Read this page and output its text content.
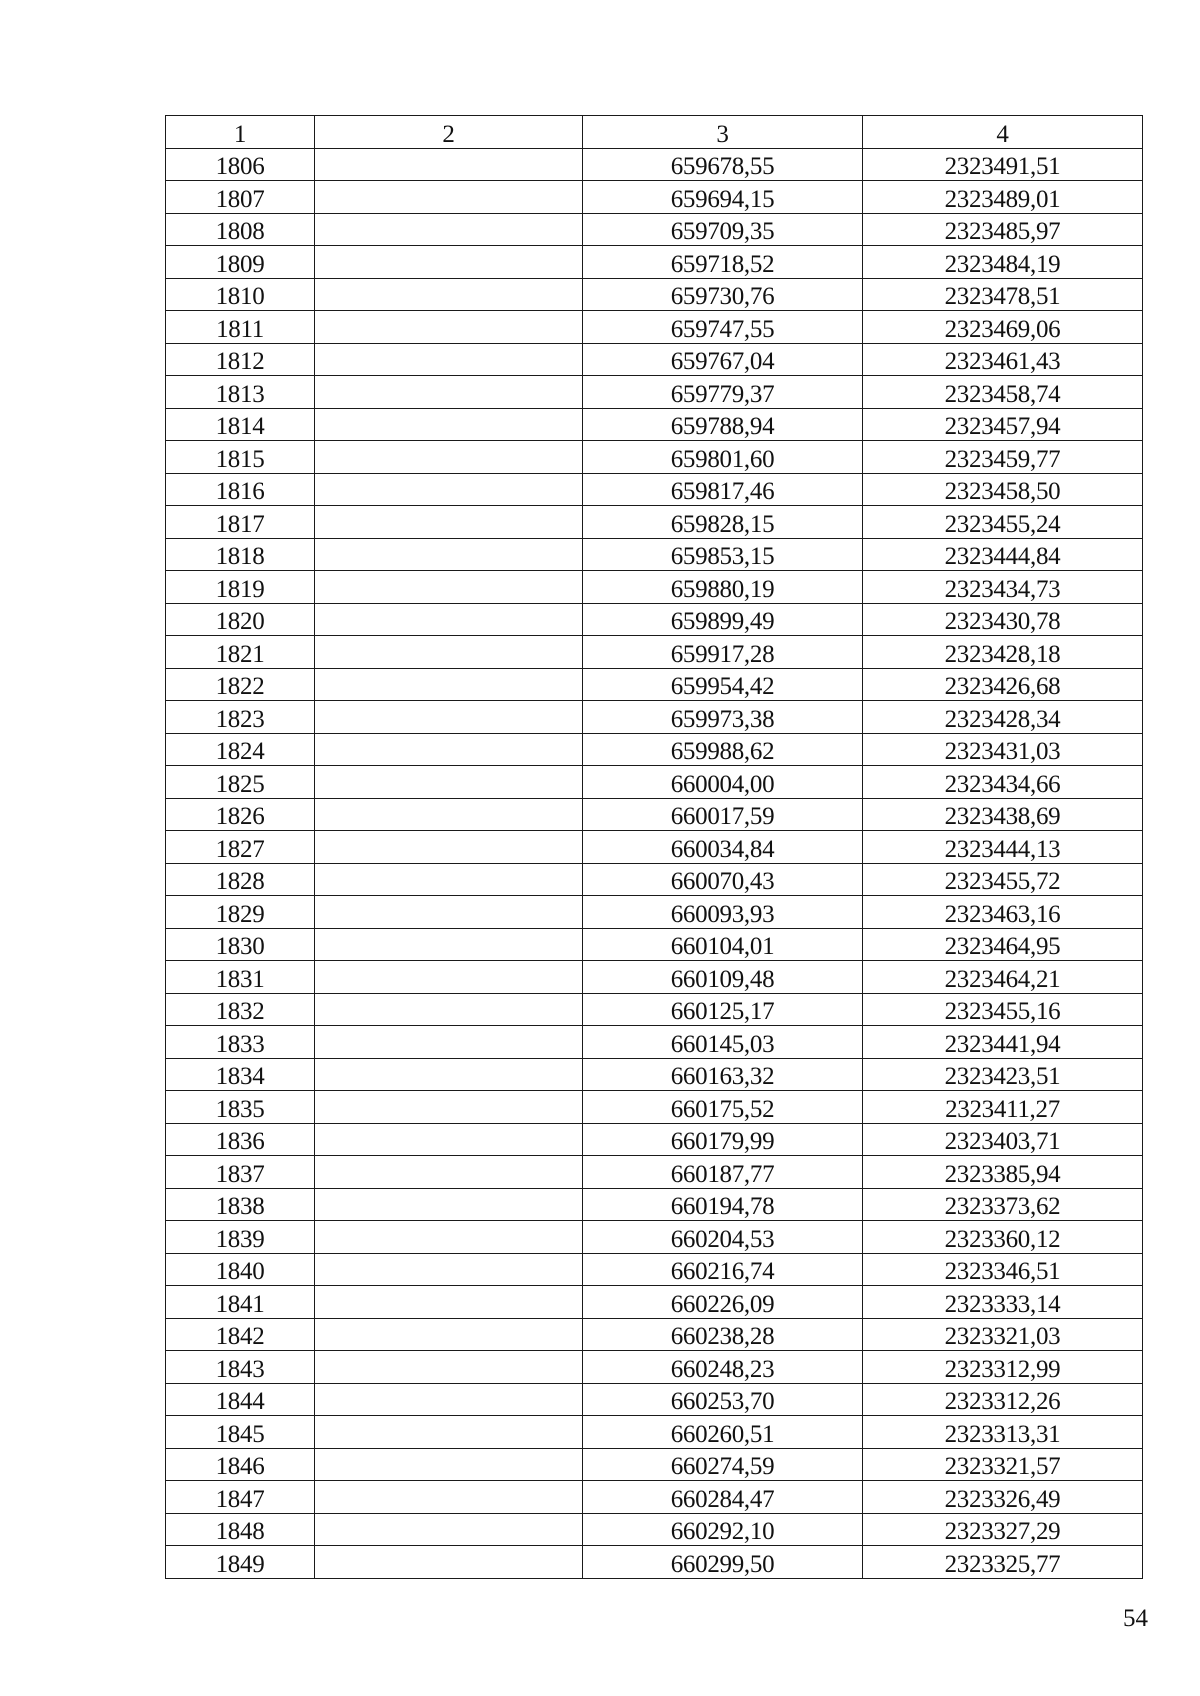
1	2	3	4
1806		659678,55	2323491,51
1807		659694,15	2323489,01
1808		659709,35	2323485,97
1809		659718,52	2323484,19
1810		659730,76	2323478,51
1811		659747,55	2323469,06
1812		659767,04	2323461,43
1813		659779,37	2323458,74
1814		659788,94	2323457,94
1815		659801,60	2323459,77
1816		659817,46	2323458,50
1817		659828,15	2323455,24
1818		659853,15	2323444,84
1819		659880,19	2323434,73
1820		659899,49	2323430,78
1821		659917,28	2323428,18
1822		659954,42	2323426,68
1823		659973,38	2323428,34
1824		659988,62	2323431,03
1825		660004,00	2323434,66
1826		660017,59	2323438,69
1827		660034,84	2323444,13
1828		660070,43	2323455,72
1829		660093,93	2323463,16
1830		660104,01	2323464,95
1831		660109,48	2323464,21
1832		660125,17	2323455,16
1833		660145,03	2323441,94
1834		660163,32	2323423,51
1835		660175,52	2323411,27
1836		660179,99	2323403,71
1837		660187,77	2323385,94
1838		660194,78	2323373,62
1839		660204,53	2323360,12
1840		660216,74	2323346,51
1841		660226,09	2323333,14
1842		660238,28	2323321,03
1843		660248,23	2323312,99
1844		660253,70	2323312,26
1845		660260,51	2323313,31
1846		660274,59	2323321,57
1847		660284,47	2323326,49
1848		660292,10	2323327,29
1849		660299,50	2323325,77
54
